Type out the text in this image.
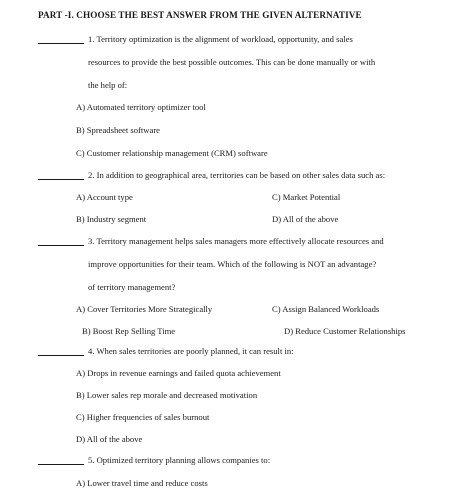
PART -I. CHOOSE THE BEST ANSWER FROM THE GIVEN ALTERNATIVE
1. Territory optimization is the alignment of workload, opportunity, and sales
resources to provide the best possible outcomes. This can be done manually or with
the help of:
A) Automated territory optimizer tool
B) Spreadsheet software
C) Customer relationship management (CRM) software
2. In addition to geographical area, territories can be based on other sales data such as:
A) Account type	C) Market Potential
B) Industry segment	D) All of the above
3. Territory management helps sales managers more effectively allocate resources and
improve opportunities for their team. Which of the following is NOT an advantage?
of territory management?
A) Cover Territories More Strategically	C) Assign Balanced Workloads
B) Boost Rep Selling Time	D) Reduce Customer Relationships
4. When sales territories are poorly planned, it can result in:
A) Drops in revenue earnings and failed quota achievement
B) Lower sales rep morale and decreased motivation
C) Higher frequencies of sales burnout
D) All of the above
5. Optimized territory planning allows companies to:
A) Lower travel time and reduce costs
